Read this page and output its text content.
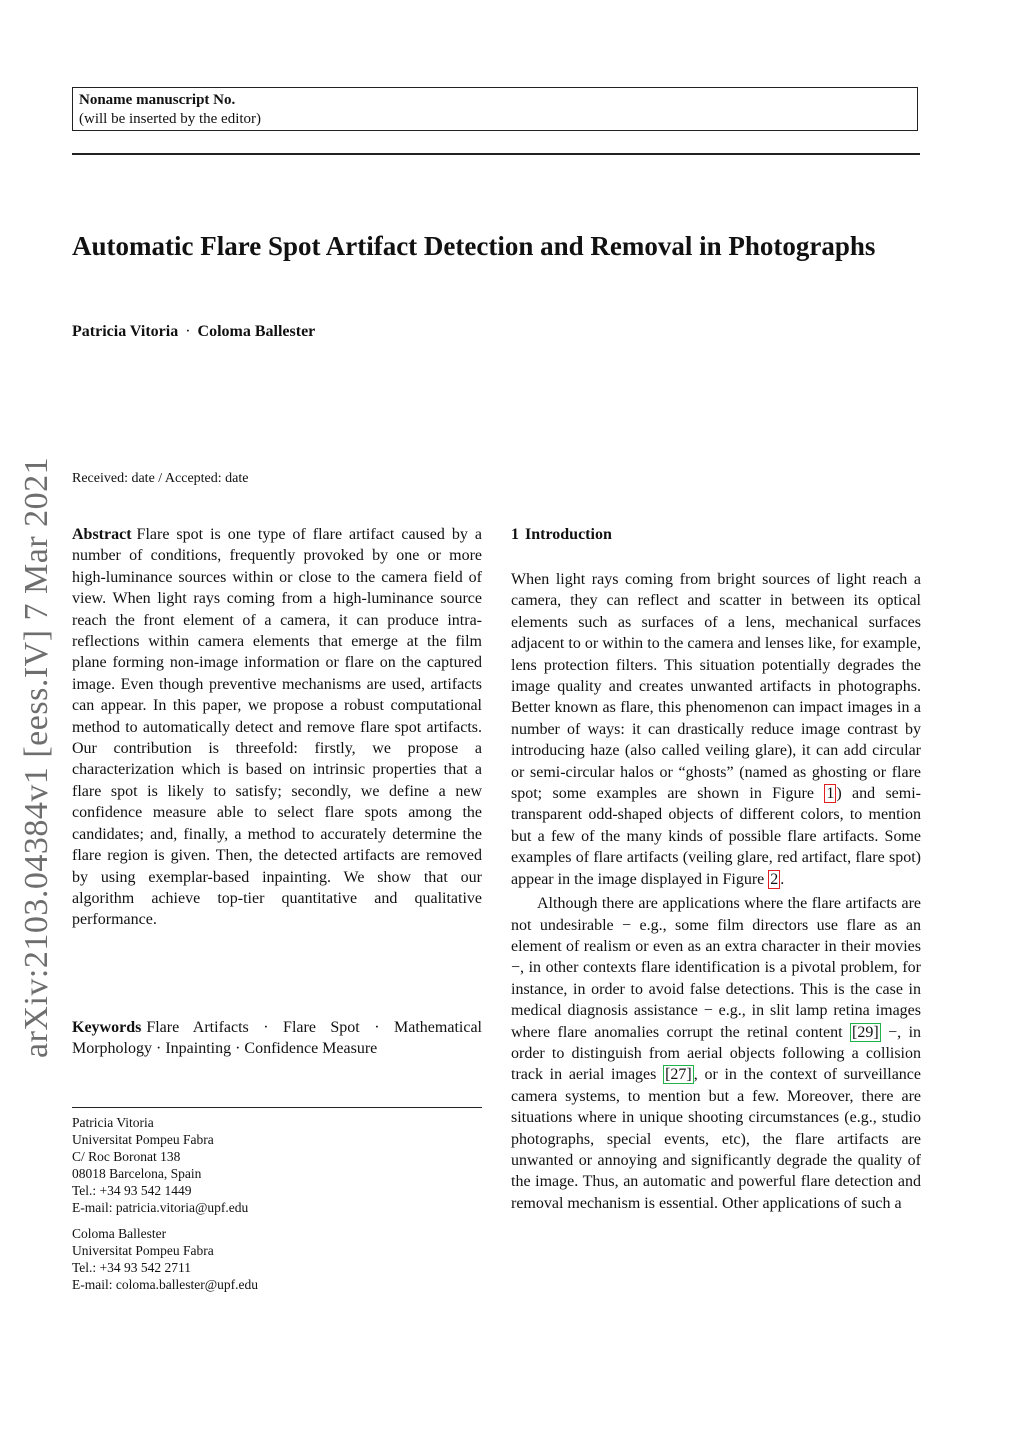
Noname manuscript No.
(will be inserted by the editor)
Automatic Flare Spot Artifact Detection and Removal in Photographs
Patricia Vitoria · Coloma Ballester
Received: date / Accepted: date
arXiv:2103.04384v1 [eess.IV] 7 Mar 2021 Abstract Flare spot is one type of flare artifact caused by a number of conditions, frequently provoked by one or more high-luminance sources within or close to the camera field of view. When light rays coming from a high-luminance source reach the front element of a camera, it can produce intra-reflections within camera elements that emerge at the film plane forming non-image information or flare on the captured image. Even though preventive mechanisms are used, artifacts can appear. In this paper, we propose a robust computational method to automatically detect and remove flare spot artifacts. Our contribution is threefold: firstly, we propose a characterization which is based on intrinsic properties that a flare spot is likely to satisfy; secondly, we define a new confidence measure able to select flare spots among the candidates; and, finally, a method to accurately determine the flare region is given. Then, the detected artifacts are removed by using exemplar-based inpainting. We show that our algorithm achieve top-tier quantitative and qualitative performance.
Keywords Flare Artifacts · Flare Spot · Mathematical Morphology · Inpainting · Confidence Measure
Patricia Vitoria
Universitat Pompeu Fabra
C/ Roc Boronat 138
08018 Barcelona, Spain
Tel.: +34 93 542 1449
E-mail: patricia.vitoria@upf.edu
Coloma Ballester
Universitat Pompeu Fabra
Tel.: +34 93 542 2711
E-mail: coloma.ballester@upf.edu
1 Introduction

When light rays coming from bright sources of light reach a camera, they can reflect and scatter in between its optical elements such as surfaces of a lens, mechanical surfaces adjacent to or within to the camera and lenses like, for example, lens protection filters. This situation potentially degrades the image quality and creates unwanted artifacts in photographs. Better known as flare, this phenomenon can impact images in a number of ways: it can drastically reduce image contrast by introducing haze (also called veiling glare), it can add circular or semi-circular halos or “ghosts” (named as ghosting or flare spot; some examples are shown in Figure 1 ) and semi-transparent odd-shaped objects of different colors, to mention but a few of the many kinds of possible flare artifacts. Some examples of flare artifacts (veiling glare, red artifact, flare spot) appear in the image displayed in Figure 2 .

Although there are applications where the flare artifacts are not undesirable − e.g., some film directors use flare as an element of realism or even as an extra character in their movies −, in other contexts flare identification is a pivotal problem, for instance, in order to avoid false detections. This is the case in medical diagnosis assistance − e.g., in slit lamp retina images where flare anomalies corrupt the retinal content [29] −, in order to distinguish from aerial objects following a collision track in aerial images [27] , or in the context of surveillance camera systems, to mention but a few. Moreover, there are situations where in unique shooting circumstances (e.g., studio photographs, special events, etc), the flare artifacts are unwanted or annoying and significantly degrade the quality of the image. Thus, an automatic and powerful flare detection and removal mechanism is essential. Other applications of such a
